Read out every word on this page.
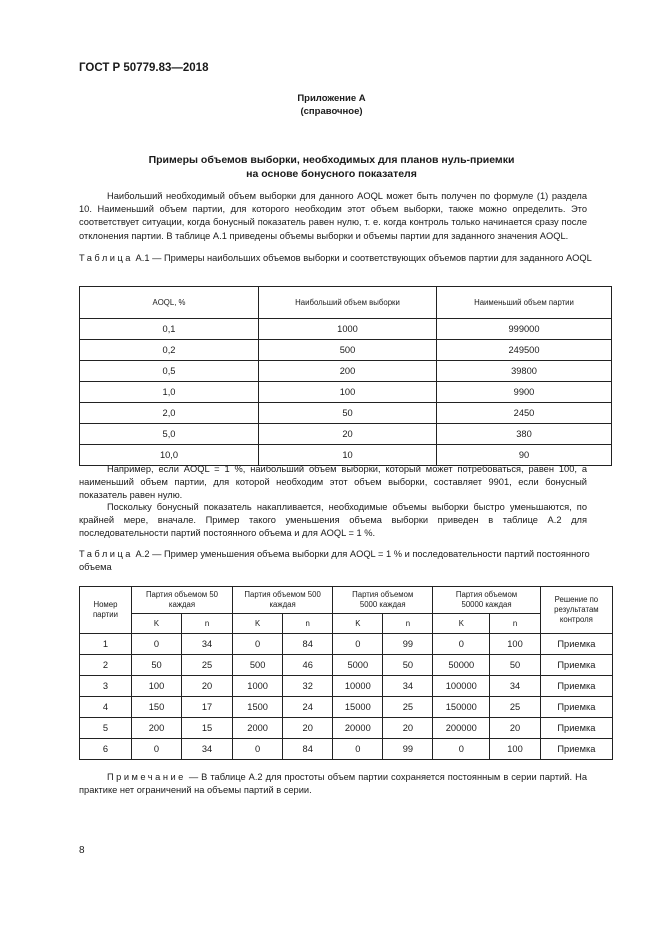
ГОСТ Р 50779.83—2018
Приложение А
(справочное)
Примеры объемов выборки, необходимых для планов нуль-приемки
на основе бонусного показателя
Наибольший необходимый объем выборки для данного AOQL может быть получен по формуле (1) раздела 10. Наименьший объем партии, для которого необходим этот объем выборки, также можно определить. Это соответствует ситуации, когда бонусный показатель равен нулю, т. е. когда контроль только начинается сразу после отклонения партии. В таблице А.1 приведены объемы выборки и объемы партии для заданного значения AOQL.
Таблица А.1 — Примеры наибольших объемов выборки и соответствующих объемов партии для заданного AOQL
AOQL, %	Наибольший объем выборки	Наименьший объем партии
0,1	1000	999000
0,2	500	249500
0,5	200	39800
1,0	100	9900
2,0	50	2450
5,0	20	380
10,0	10	90
Например, если AOQL = 1 %, наибольший объем выборки, который может потребоваться, равен 100, а наименьший объем партии, для которой необходим этот объем выборки, составляет 9901, если бонусный показатель равен нулю.
Поскольку бонусный показатель накапливается, необходимые объемы выборки быстро уменьшаются, по крайней мере, вначале. Пример такого уменьшения объема выборки приведен в таблице А.2 для последовательности партий постоянного объема и для AOQL = 1 %.
Таблица А.2 — Пример уменьшения объема выборки для AOQL = 1 % и последовательности партий постоянного объема
Номер партии	Партия объемом 50 каждая		Партия объемом 500 каждая		Партия объемом 5000 каждая		Партия объемом 50000 каждая		Решение по результатам контроля
	K	n	K	n	K	n	K	n	
1	0	34	0	84	0	99	0	100	Приемка
2	50	25	500	46	5000	50	50000	50	Приемка
3	100	20	1000	32	10000	34	100000	34	Приемка
4	150	17	1500	24	15000	25	150000	25	Приемка
5	200	15	2000	20	20000	20	200000	20	Приемка
6	0	34	0	84	0	99	0	100	Приемка
Примечание — В таблице А.2 для простоты объем партии сохраняется постоянным в серии партий. На практике нет ограничений на объемы партий в серии.
8
